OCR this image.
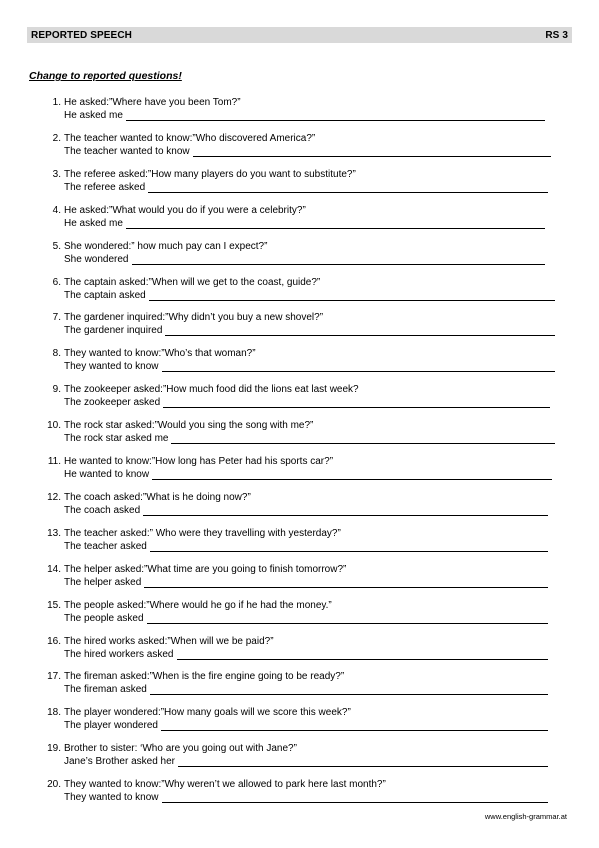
REPORTED SPEECH	RS 3
Change to reported questions!
1. He asked:”Where have you been Tom?”
He asked me
2. The teacher wanted to know:”Who discovered America?”
The teacher wanted to know
3. The referee asked:”How many players do you want to substitute?”
The referee asked
4. He asked:”What would you do if you were a celebrity?”
He asked me
5. She wondered:” how much pay can I expect?”
She wondered
6. The captain asked:”When will we get to the coast, guide?”
The captain asked
7. The gardener inquired:”Why didn’t you buy a new shovel?”
The gardener inquired
8. They wanted to know:”Who’s that woman?”
They wanted to know
9. The zookeeper asked:”How much food did the lions eat last week?
The zookeeper asked
10. The rock star asked:”Would you sing the song with me?”
The rock star asked me
11. He wanted to know:”How long has Peter had his sports car?”
He wanted to know
12. The coach asked:”What is he doing now?”
The coach asked
13. The teacher asked:” Who were they travelling with yesterday?”
The teacher asked
14. The helper asked:”What time are you going to finish tomorrow?”
The helper asked
15. The people asked:”Where would he go if he had the money.”
The people asked
16. The hired works asked:”When will we be paid?”
The hired workers asked
17. The fireman asked:”When is the fire engine going to be ready?”
The fireman asked
18. The player wondered:”How many goals will we score this week?”
The player wondered
19. Brother to sister: ‘Who are you going out with Jane?”
Jane’s Brother asked her
20. They wanted to know:”Why weren’t we allowed to park here last month?”
They wanted to know
www.english-grammar.at
